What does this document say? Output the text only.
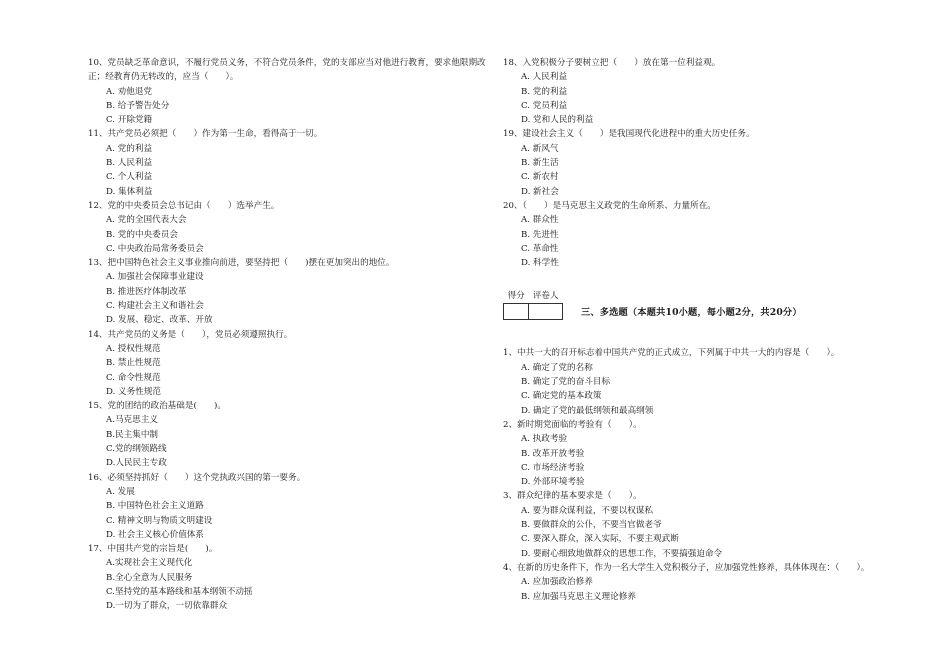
10、党员缺乏革命意识，不履行党员义务，不符合党员条件，党的支部应当对他进行教育，要求他限期改正；经教育仍无转改的，应当（　　）。
A. 劝他退党
B. 给予警告处分
C. 开除党籍
11、共产党员必须把（　　）作为第一生命，看得高于一切。
A. 党的利益
B. 人民利益
C. 个人利益
D. 集体利益
12、党的中央委员会总书记由（　　）选举产生。
A. 党的全国代表大会
B. 党的中央委员会
C. 中央政治局常务委员会
13、把中国特色社会主义事业推向前进，要坚持把（　　)摆在更加突出的地位。
A. 加强社会保障事业建设
B. 推进医疗体制改革
C. 构建社会主义和谐社会
D. 发展、稳定、改革、开放
14、共产党员的义务是（　　），党员必须遵照执行。
A. 授权性规范
B. 禁止性规范
C. 命令性规范
D. 义务性规范
15、党的团结的政治基础是(　　)。
A.马克思主义
B.民主集中制
C.党的纲领路线
D.人民民主专政
16、必须坚持抓好（　　）这个党执政兴国的第一要务。
A. 发展
B. 中国特色社会主义道路
C. 精神文明与物质文明建设
D. 社会主义核心价值体系
17、中国共产党的宗旨是(　　)。
A.实现社会主义现代化
B.全心全意为人民服务
C.坚持党的基本路线和基本纲领不动摇
D.一切为了群众，一切依靠群众
18、入党积极分子要树立把（　　）放在第一位利益观。
A. 人民利益
B. 党的利益
C. 党员利益
D. 党和人民的利益
19、建设社会主义（　　）是我国现代化进程中的重大历史任务。
A. 新风气
B. 新生活
C. 新农村
D. 新社会
20、（　　）是马克思主义政党的生命所系、力量所在。
A. 群众性
B. 先进性
C. 革命性
D. 科学性
得分	评卷人

三、多选题（本题共10小题，每小题2分，共20分）
1、中共一大的召开标志着中国共产党的正式成立，下列属于中共一大的内容是（　　）。
A. 确定了党的名称
B. 确定了党的奋斗目标
C. 确定党的基本政策
D. 确定了党的最低纲领和最高纲领
2、新时期党面临的考验有（　　）。
A. 执政考验
B. 改革开放考验
C. 市场经济考验
D. 外部环境考验
3、群众纪律的基本要求是（　　）。
A. 要为群众谋利益，不要以权谋私
B. 要做群众的公仆，不要当官做老爷
C. 要深入群众，深入实际，不要主观武断
D. 要耐心细致地做群众的思想工作，不要搞强迫命令
4、在新的历史条件下，作为一名大学生入党积极分子，应加强党性修养，具体体现在：（　　）。
A. 应加强政治修养
B. 应加强马克思主义理论修养
